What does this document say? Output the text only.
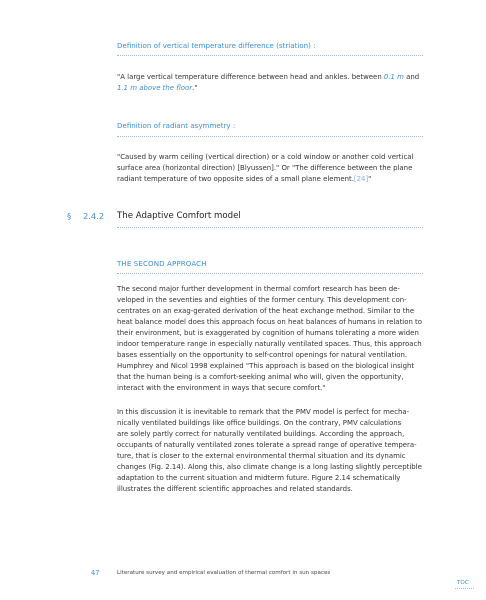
Definition of vertical temperature difference (striation) :

"A large vertical temperature difference between head and ankles. between 0.1 m and

1.1 m above the floor."

Definition of radiant asymmetry :

"Caused by warm ceiling (vertical direction) or a cold window or another cold vertical

surface area (horizontal direction) [Blyussen]." Or "The difference between the plane

radiant temperature of two opposite sides of a small plane element.[24]"

§ 2.4.2 The Adaptive Comfort model
THE SECOND APPROACH

The second major further development in thermal comfort research has been de-

veloped in the seventies and eighties of the former century. This development con-

centrates on an exag-gerated derivation of the heat exchange method. Similar to the

heat balance model does this approach focus on heat balances of humans in relation to

their environment, but is exaggerated by cognition of humans tolerating a more widen

indoor temperature range in especially naturally ventilated spaces. Thus, this approach

bases essentially on the opportunity to self-control openings for natural ventilation.

Humphrey and Nicol 1998 explained "This approach is based on the biological insight

that the human being is a comfort-seeking animal who will, given the opportunity,

interact with the environment in ways that secure comfort."

In this discussion it is inevitable to remark that the PMV model is perfect for mecha-

nically ventilated buildings like office buildings. On the contrary, PMV calculations

are solely partly correct for naturally ventilated buildings. According the approach,

occupants of naturally ventilated zones tolerate a spread range of operative tempera-

ture, that is closer to the external environmental thermal situation and its dynamic

changes (Fig. 2.14). Along this, also climate change is a long lasting slightly perceptible

adaptation to the current situation and midterm future. Figure 2.14 schematically

illustrates the different scientific approaches and related standards.

47	Literature survey and empirical evaluation of thermal comfort in sun spaces
TOC
